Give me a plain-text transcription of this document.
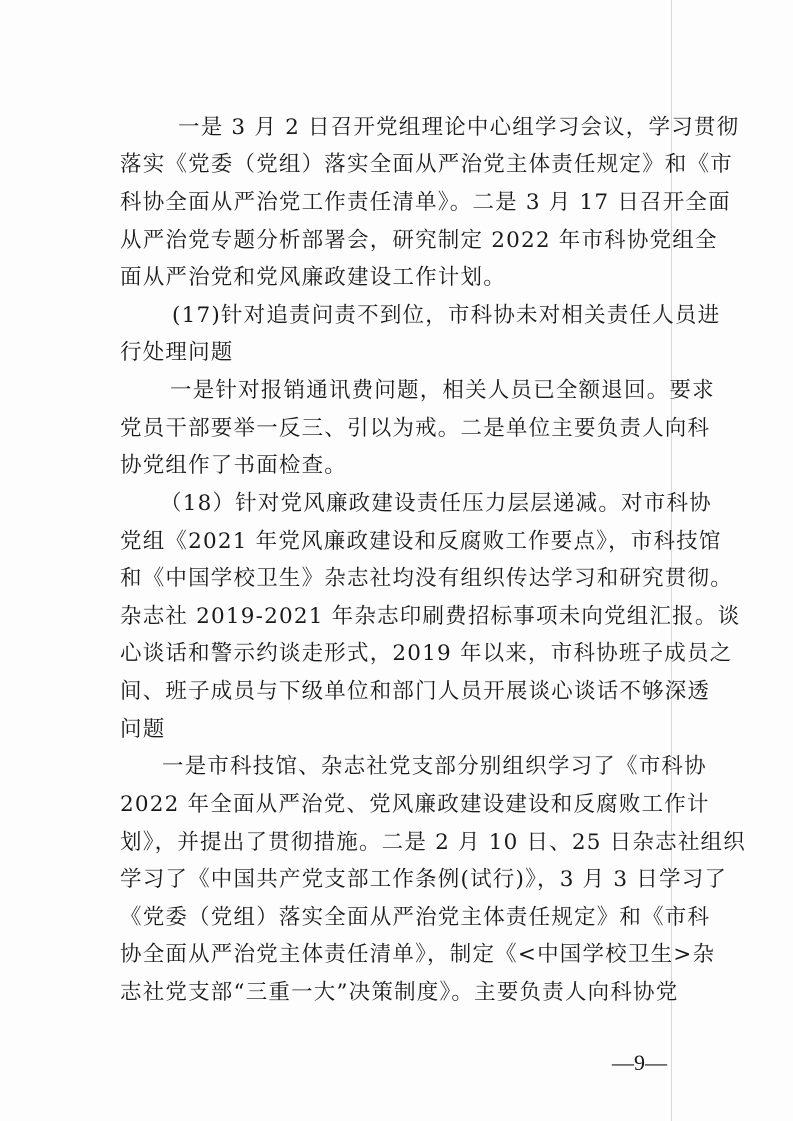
一是 3 月 2 日召开党组理论中心组学习会议，学习贯彻
落实《党委（党组）落实全面从严治党主体责任规定》和《市
科协全面从严治党工作责任清单》。二是 3 月 17 日召开全面
从严治党专题分析部署会，研究制定 2022 年市科协党组全
面从严治党和党风廉政建设工作计划。
(17)针对追责问责不到位，市科协未对相关责任人员进
行处理问题
一是针对报销通讯费问题，相关人员已全额退回。要求
党员干部要举一反三、引以为戒。二是单位主要负责人向科
协党组作了书面检查。
（18）针对党风廉政建设责任压力层层递减。对市科协
党组《2021 年党风廉政建设和反腐败工作要点》，市科技馆
和《中国学校卫生》杂志社均没有组织传达学习和研究贯彻。
杂志社 2019-2021 年杂志印刷费招标事项未向党组汇报。谈
心谈话和警示约谈走形式，2019 年以来，市科协班子成员之
间、班子成员与下级单位和部门人员开展谈心谈话不够深透
问题
一是市科技馆、杂志社党支部分别组织学习了《市科协
2022 年全面从严治党、党风廉政建设建设和反腐败工作计
划》，并提出了贯彻措施。二是 2 月 10 日、25 日杂志社组织
学习了《中国共产党支部工作条例(试行)》，3 月 3 日学习了
《党委（党组）落实全面从严治党主体责任规定》和《市科
协全面从严治党主体责任清单》，制定《<中国学校卫生>杂
志社党支部“三重一大”决策制度》。主要负责人向科协党
—9—
